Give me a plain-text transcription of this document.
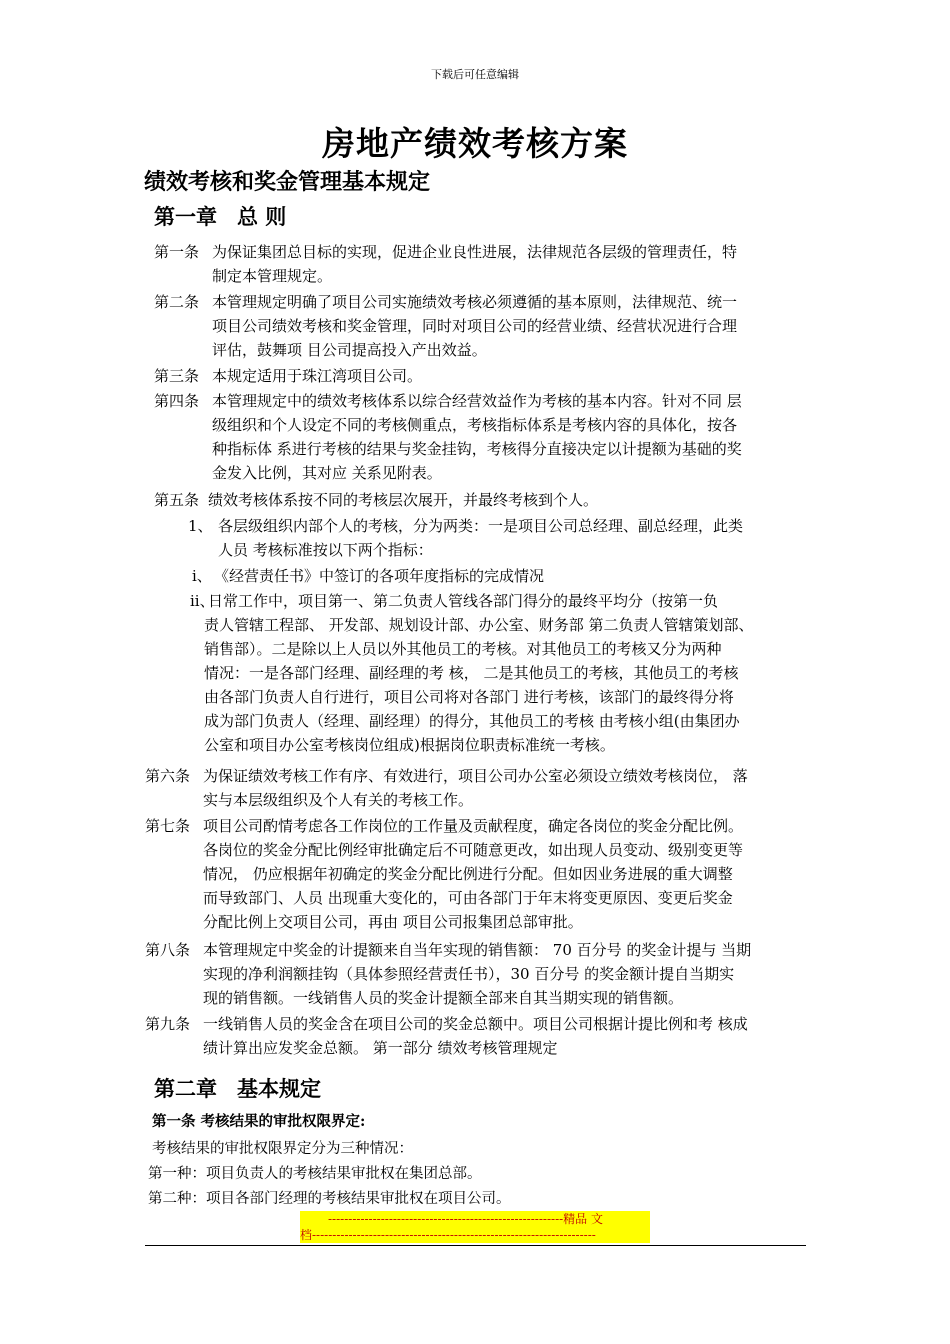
下载后可任意编辑
房地产绩效考核方案
绩效考核和奖金管理基本规定
第一章 总 则
第一条 为保证集团总目标的实现，促进企业良性进展，法律规范各层级的管理责任，特
制定本管理规定。
第二条 本管理规定明确了项目公司实施绩效考核必须遵循的基本原则，法律规范、统一
项目公司绩效考核和奖金管理，同时对项目公司的经营业绩、经营状况进行合理
评估，鼓舞项 目公司提高投入产出效益。
第三条 本规定适用于珠江湾项目公司。
第四条 本管理规定中的绩效考核体系以综合经营效益作为考核的基本内容。针对不同 层
级组织和个人设定不同的考核侧重点，考核指标体系是考核内容的具体化，按各
种指标体 系进行考核的结果与奖金挂钩，考核得分直接决定以计提额为基础的奖
金发入比例，其对应 关系见附表。
第五条 绩效考核体系按不同的考核层次展开，并最终考核到个人。
1、 各层级组织内部个人的考核，分为两类：一是项目公司总经理、副总经理，此类
人员 考核标准按以下两个指标：
i、 《经营责任书》中签订的各项年度指标的完成情况
ii、日常工作中，项目第一、第二负责人管线各部门得分的最终平均分（按第一负
责人管辖工程部、 开发部、规划设计部、办公室、财务部 第二负责人管辖策划部、
销售部）。二是除以上人员以外其他员工的考核。对其他员工的考核又分为两种
情况：一是各部门经理、副经理的考 核， 二是其他员工的考核，其他员工的考核
由各部门负责人自行进行，项目公司将对各部门 进行考核，该部门的最终得分将
成为部门负责人（经理、副经理）的得分，其他员工的考核 由考核小组(由集团办
公室和项目办公室考核岗位组成)根据岗位职责标准统一考核。
第六条 为保证绩效考核工作有序、有效进行，项目公司办公室必须设立绩效考核岗位， 落
实与本层级组织及个人有关的考核工作。
第七条 项目公司酌情考虑各工作岗位的工作量及贡献程度，确定各岗位的奖金分配比例。
各岗位的奖金分配比例经审批确定后不可随意更改，如出现人员变动、级别变更等
情况， 仍应根据年初确定的奖金分配比例进行分配。但如因业务进展的重大调整
而导致部门、人员 出现重大变化的，可由各部门于年末将变更原因、变更后奖金
分配比例上交项目公司，再由 项目公司报集团总部审批。
第八条 本管理规定中奖金的计提额来自当年实现的销售额： 70 百分号 的奖金计提与 当期
实现的净利润额挂钩（具体参照经营责任书），30 百分号 的奖金额计提自当期实
现的销售额。一线销售人员的奖金计提额全部来自其当期实现的销售额。
第九条 一线销售人员的奖金含在项目公司的奖金总额中。项目公司根据计提比例和考 核成
绩计算出应发奖金总额。 第一部分 绩效考核管理规定
第二章 基本规定
第一条 考核结果的审批权限界定:
考核结果的审批权限界定分为三种情况：
第一种：项目负责人的考核结果审批权在集团总部。
第二种：项目各部门经理的考核结果审批权在项目公司。
----------------------------------------------------------精品 文
档----------------------------------------------------------------------
